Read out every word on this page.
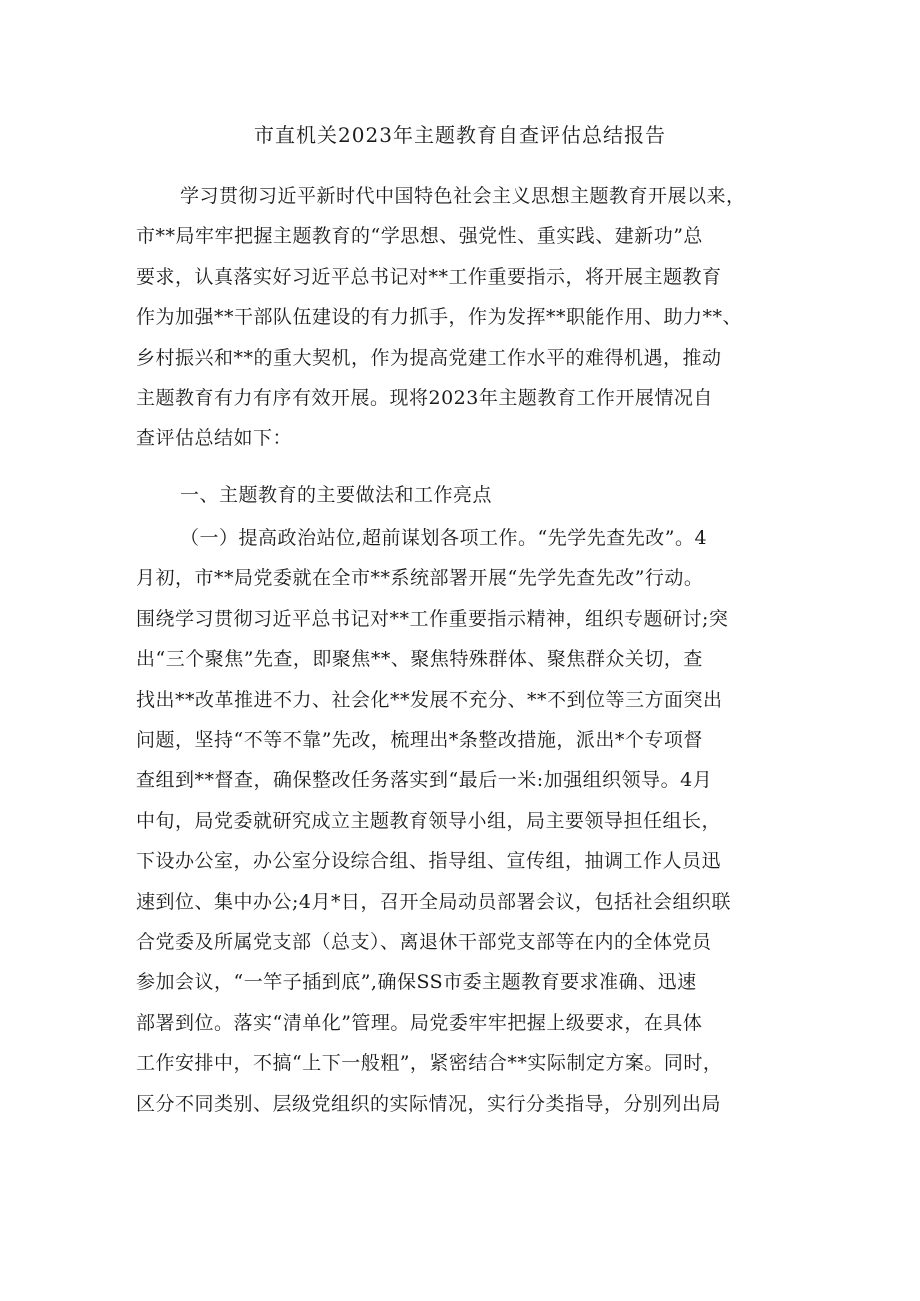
市直机关2023年主题教育自查评估总结报告
学习贯彻习近平新时代中国特色社会主义思想主题教育开展以来，
市**局牢牢把握主题教育的“学思想、强党性、重实践、建新功”总
要求，认真落实好习近平总书记对**工作重要指示，将开展主题教育
作为加强**干部队伍建设的有力抓手，作为发挥**职能作用、助力**、
乡村振兴和**的重大契机，作为提高党建工作水平的难得机遇，推动
主题教育有力有序有效开展。现将2023年主题教育工作开展情况自
查评估总结如下：
一、主题教育的主要做法和工作亮点
（一）提高政治站位,超前谋划各项工作。“先学先查先改”。4
月初，市**局党委就在全市**系统部署开展“先学先查先改”行动。
围绕学习贯彻习近平总书记对**工作重要指示精神，组织专题研讨;突
出“三个聚焦”先查，即聚焦**、聚焦特殊群体、聚焦群众关切，查
找出**改革推进不力、社会化**发展不充分、**不到位等三方面突出
问题，坚持“不等不靠”先改，梳理出*条整改措施，派出*个专项督
查组到**督查，确保整改任务落实到“最后一米:加强组织领导。4月
中旬，局党委就研究成立主题教育领导小组，局主要领导担任组长，
下设办公室，办公室分设综合组、指导组、宣传组，抽调工作人员迅
速到位、集中办公;4月*日，召开全局动员部署会议，包括社会组织联
合党委及所属党支部（总支）、离退休干部党支部等在内的全体党员
参加会议，“一竿子插到底”,确保SS市委主题教育要求准确、迅速
部署到位。落实“清单化”管理。局党委牢牢把握上级要求，在具体
工作安排中，不搞“上下一般粗”，紧密结合**实际制定方案。同时，
区分不同类别、层级党组织的实际情况，实行分类指导，分别列出局
